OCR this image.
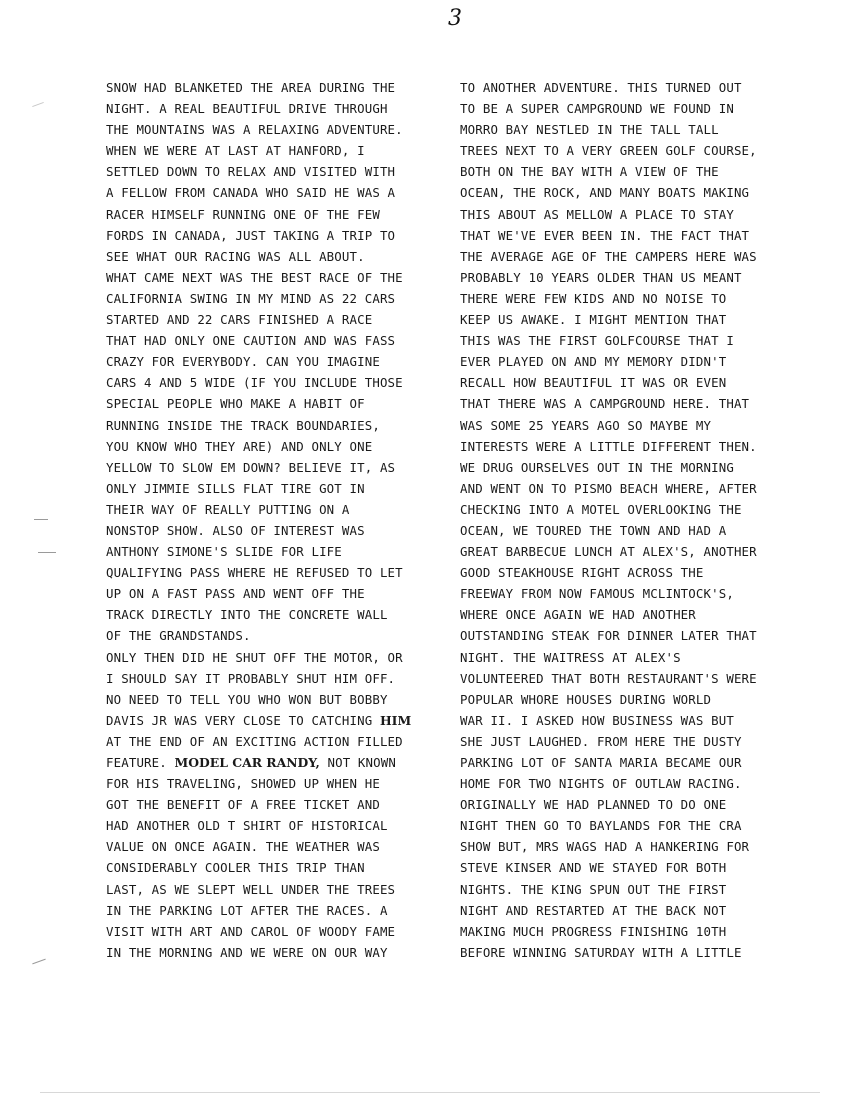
3
SNOW HAD BLANKETED THE AREA DURING THE
NIGHT. A REAL BEAUTIFUL DRIVE THROUGH
THE MOUNTAINS WAS A RELAXING ADVENTURE.
WHEN WE WERE AT LAST AT HANFORD, I
SETTLED DOWN TO RELAX AND VISITED WITH
A FELLOW FROM CANADA WHO SAID HE WAS A
RACER HIMSELF RUNNING ONE OF THE FEW
FORDS IN CANADA, JUST TAKING A TRIP TO
SEE WHAT OUR RACING WAS ALL ABOUT.
WHAT CAME NEXT WAS THE BEST RACE OF THE
CALIFORNIA SWING IN MY MIND AS 22 CARS
STARTED AND 22 CARS FINISHED A RACE
THAT HAD ONLY ONE CAUTION AND WAS FASS
CRAZY FOR EVERYBODY. CAN YOU IMAGINE
CARS 4 AND 5 WIDE (IF YOU INCLUDE THOSE
SPECIAL PEOPLE WHO MAKE A HABIT OF
RUNNING INSIDE THE TRACK BOUNDARIES,
YOU KNOW WHO THEY ARE) AND ONLY ONE
YELLOW TO SLOW EM DOWN? BELIEVE IT, AS
ONLY JIMMIE SILLS FLAT TIRE GOT IN
THEIR WAY OF REALLY PUTTING ON A
NONSTOP SHOW. ALSO OF INTEREST WAS
ANTHONY SIMONE'S SLIDE FOR LIFE
QUALIFYING PASS WHERE HE REFUSED TO LET
UP ON A FAST PASS AND WENT OFF THE
TRACK DIRECTLY INTO THE CONCRETE WALL
OF THE GRANDSTANDS.
ONLY THEN DID HE SHUT OFF THE MOTOR, OR
I SHOULD SAY IT PROBABLY SHUT HIM OFF.
NO NEED TO TELL YOU WHO WON BUT BOBBY
DAVIS JR WAS VERY CLOSE TO CATCHING HIM
AT THE END OF AN EXCITING ACTION FILLED
FEATURE. MODEL CAR RANDY, NOT KNOWN
FOR HIS TRAVELING, SHOWED UP WHEN HE
GOT THE BENEFIT OF A FREE TICKET AND
HAD ANOTHER OLD T SHIRT OF HISTORICAL
VALUE ON ONCE AGAIN. THE WEATHER WAS
CONSIDERABLY COOLER THIS TRIP THAN
LAST, AS WE SLEPT WELL UNDER THE TREES
IN THE PARKING LOT AFTER THE RACES. A
VISIT WITH ART AND CAROL OF WOODY FAME
IN THE MORNING AND WE WERE ON OUR WAY
TO ANOTHER ADVENTURE. THIS TURNED OUT
TO BE A SUPER CAMPGROUND WE FOUND IN
MORRO BAY NESTLED IN THE TALL TALL
TREES NEXT TO A VERY GREEN GOLF COURSE,
BOTH ON THE BAY WITH A VIEW OF THE
OCEAN, THE ROCK, AND MANY BOATS MAKING
THIS ABOUT AS MELLOW A PLACE TO STAY
THAT WE'VE EVER BEEN IN. THE FACT THAT
THE AVERAGE AGE OF THE CAMPERS HERE WAS
PROBABLY 10 YEARS OLDER THAN US MEANT
THERE WERE FEW KIDS AND NO NOISE TO
KEEP US AWAKE. I MIGHT MENTION THAT
THIS WAS THE FIRST GOLFCOURSE THAT I
EVER PLAYED ON AND MY MEMORY DIDN'T
RECALL HOW BEAUTIFUL IT WAS OR EVEN
THAT THERE WAS A CAMPGROUND HERE. THAT
WAS SOME 25 YEARS AGO SO MAYBE MY
INTERESTS WERE A LITTLE DIFFERENT THEN.
WE DRUG OURSELVES OUT IN THE MORNING
AND WENT ON TO PISMO BEACH WHERE, AFTER
CHECKING INTO A MOTEL OVERLOOKING THE
OCEAN, WE TOURED THE TOWN AND HAD A
GREAT BARBECUE LUNCH AT ALEX'S, ANOTHER
GOOD STEAKHOUSE RIGHT ACROSS THE
FREEWAY FROM NOW FAMOUS MCLINTOCK'S,
WHERE ONCE AGAIN WE HAD ANOTHER
OUTSTANDING STEAK FOR DINNER LATER THAT
NIGHT. THE WAITRESS AT ALEX'S
VOLUNTEERED THAT BOTH RESTAURANT'S WERE
POPULAR WHORE HOUSES DURING WORLD
WAR II. I ASKED HOW BUSINESS WAS BUT
SHE JUST LAUGHED. FROM HERE THE DUSTY
PARKING LOT OF SANTA MARIA BECAME OUR
HOME FOR TWO NIGHTS OF OUTLAW RACING.
ORIGINALLY WE HAD PLANNED TO DO ONE
NIGHT THEN GO TO BAYLANDS FOR THE CRA
SHOW BUT, MRS WAGS HAD A HANKERING FOR
STEVE KINSER AND WE STAYED FOR BOTH
NIGHTS. THE KING SPUN OUT THE FIRST
NIGHT AND RESTARTED AT THE BACK NOT
MAKING MUCH PROGRESS FINISHING 10TH
BEFORE WINNING SATURDAY WITH A LITTLE
